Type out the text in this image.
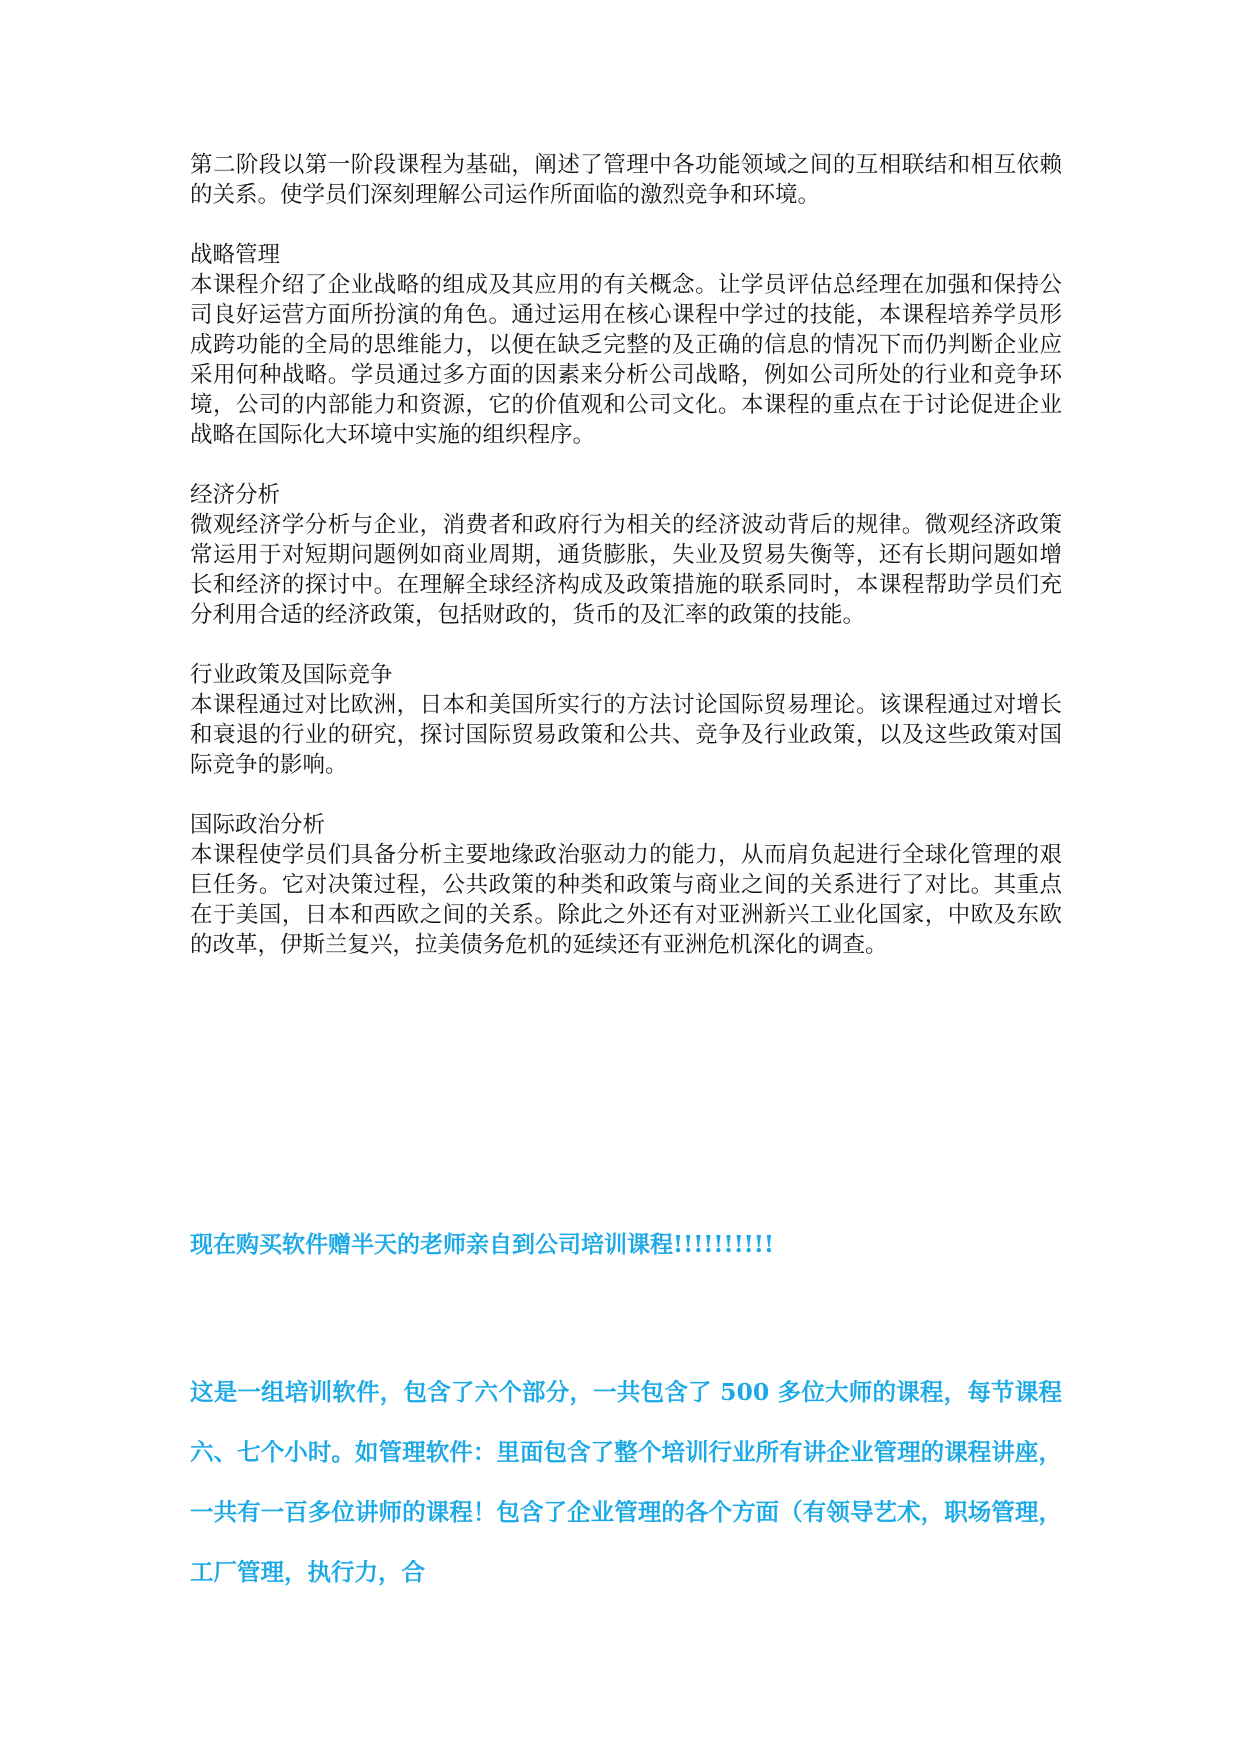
第二阶段以第一阶段课程为基础，阐述了管理中各功能领域之间的互相联结和相互依赖的关系。使学员们深刻理解公司运作所面临的激烈竞争和环境。

战略管理

本课程介绍了企业战略的组成及其应用的有关概念。让学员评估总经理在加强和保持公司良好运营方面所扮演的角色。通过运用在核心课程中学过的技能，本课程培养学员形成跨功能的全局的思维能力，以便在缺乏完整的及正确的信息的情况下而仍判断企业应采用何种战略。学员通过多方面的因素来分析公司战略，例如公司所处的行业和竞争环境，公司的内部能力和资源，它的价值观和公司文化。本课程的重点在于讨论促进企业战略在国际化大环境中实施的组织程序。

经济分析

微观经济学分析与企业，消费者和政府行为相关的经济波动背后的规律。微观经济政策常运用于对短期问题例如商业周期，通货膨胀，失业及贸易失衡等，还有长期问题如增长和经济的探讨中。在理解全球经济构成及政策措施的联系同时，本课程帮助学员们充分利用合适的经济政策，包括财政的，货币的及汇率的政策的技能。

行业政策及国际竞争

本课程通过对比欧洲，日本和美国所实行的方法讨论国际贸易理论。该课程通过对增长和衰退的行业的研究，探讨国际贸易政策和公共、竞争及行业政策，以及这些政策对国际竞争的影响。

国际政治分析

本课程使学员们具备分析主要地缘政治驱动力的能力，从而肩负起进行全球化管理的艰巨任务。它对决策过程，公共政策的种类和政策与商业之间的关系进行了对比。其重点在于美国，日本和西欧之间的关系。除此之外还有对亚洲新兴工业化国家，中欧及东欧的改革，伊斯兰复兴，拉美债务危机的延续还有亚洲危机深化的调查。

现在购买软件赠半天的老师亲自到公司培训课程!!!!!!!!!!

这是一组培训软件，包含了六个部分，一共包含了 500 多位大师的课程，每节课程六、七个小时。如管理软件：里面包含了整个培训行业所有讲企业管理的课程讲座，一共有一百多位讲师的课程！包含了企业管理的各个方面（有领导艺术，职场管理，工厂管理，执行力，合
